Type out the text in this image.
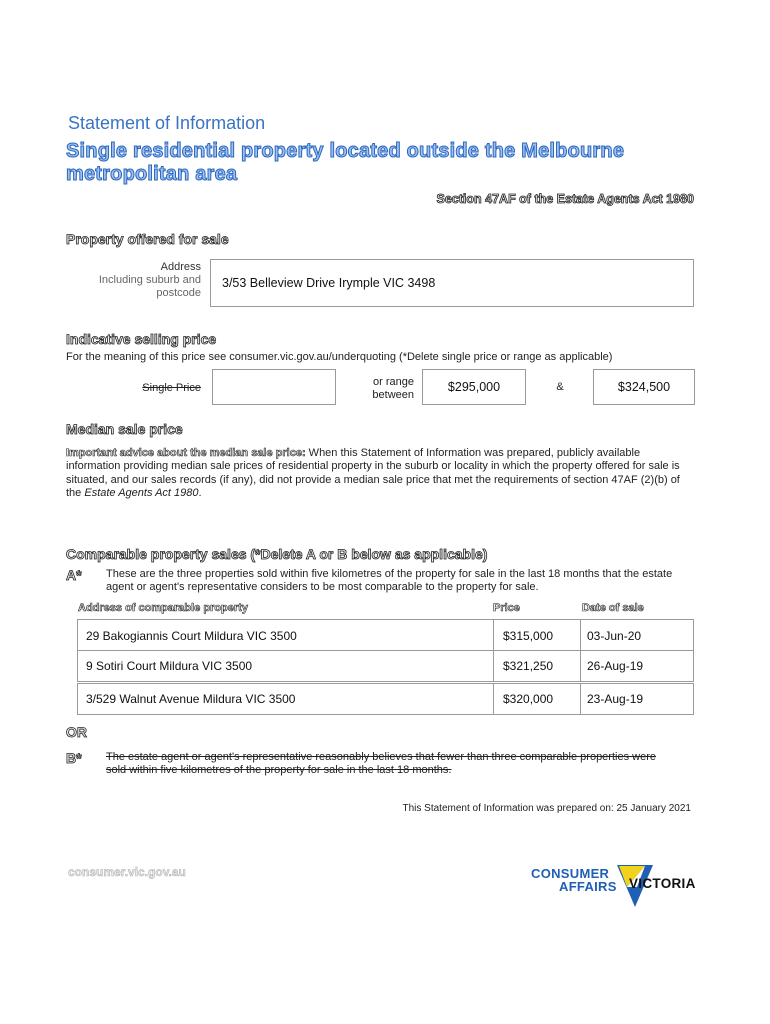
Statement of Information
Single residential property located outside the Melbourne metropolitan area
Section 47AF of the Estate Agents Act 1980
Property offered for sale
Address
Including suburb and
postcode
3/53 Belleview Drive Irymple VIC 3498
Indicative selling price
For the meaning of this price see consumer.vic.gov.au/underquoting (*Delete single price or range as applicable)
Single Price	or range
between
$295,000	&	$324,500
Median sale price
Important advice about the median sale price: When this Statement of Information was prepared, publicly available information providing median sale prices of residential property in the suburb or locality in which the property offered for sale is situated, and our sales records (if any), did not provide a median sale price that met the requirements of section 47AF (2)(b) of the Estate Agents Act 1980.
Comparable property sales (*Delete A or B below as applicable)
A* These are the three properties sold within five kilometres of the property for sale in the last 18 months that the estate agent or agent's representative considers to be most comparable to the property for sale.
Address of comparable property	Price	Date of sale
29 Bakogiannis Court Mildura VIC 3500	$315,000	03-Jun-20
9 Sotiri Court Mildura VIC 3500	$321,250	26-Aug-19
3/529 Walnut Avenue Mildura VIC 3500	$320,000	23-Aug-19
OR
B* The estate agent or agent's representative reasonably believes that fewer than three comparable properties were
sold within five kilometres of the property for sale in the last 18 months.
This Statement of Information was prepared on: 25 January 2021
consumer.vic.gov.au	CONSUMER
AFFAIRS VICTORIA
